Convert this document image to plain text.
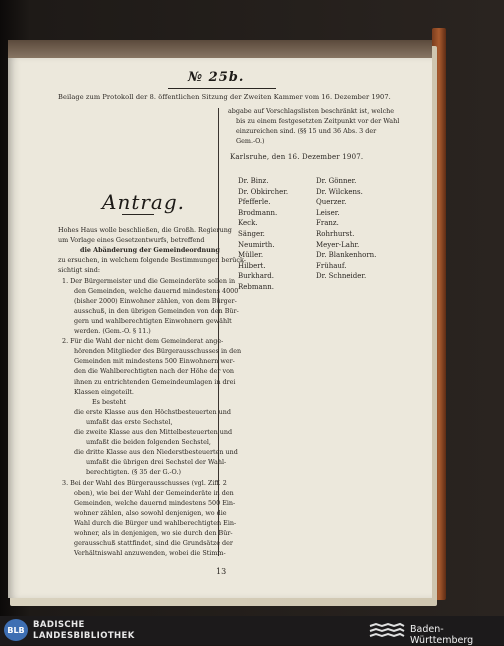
№ 25b.
Beilage zum Protokoll der 8. öffentlichen Sitzung der Zweiten Kammer vom 16. Dezember 1907.
Antrag.
Hohes Haus wolle beschließen, die Großh. Regierung
um Vorlage eines Gesetzentwurfs, betreffend
die Abänderung der Gemeindeordnung
zu ersuchen, in welchem folgende Bestimmungen berück-
sichtigt sind:
1. Der Bürgermeister und die Gemeinderäte sollen in
den Gemeinden, welche dauernd mindestens 4000
(bisher 2000) Einwohner zählen, von dem Bürger-
ausschuß, in den übrigen Gemeinden von den Bür-
gern und wahlberechtigten Einwohnern gewählt
werden. (Gem.-O. § 11.)
2. Für die Wahl der nicht dem Gemeinderat ange-
hörenden Mitglieder des Bürgerausschusses in den
Gemeinden mit mindestens 500 Einwohnern wer-
den die Wahlberechtigten nach der Höhe der von
ihnen zu entrichtenden Gemeindeumlagen in drei
Klassen eingeteilt.
Es besteht
die erste Klasse aus den Höchstbesteuerten und
umfaßt das erste Sechstel,
die zweite Klasse aus den Mittelbesteuerten und
umfaßt die beiden folgenden Sechstel,
die dritte Klasse aus den Niederstbesteuerten und
umfaßt die übrigen drei Sechstel der Wahl-
berechtigten. (§ 35 der G.-O.)
3. Bei der Wahl des Bürgerausschusses (vgl. Ziff. 2
oben), wie bei der Wahl der Gemeinderäte in den
Gemeinden, welche dauernd mindestens 500 Ein-
wohner zählen, also sowohl denjenigen, wo die
Wahl durch die Bürger und wahlberechtigten Ein-
wohner, als in denjenigen, wo sie durch den Bür-
gerausschuß stattfindet, sind die Grundsätze der
Verhältniswahl anzuwenden, wobei die Stimm-
abgabe auf Vorschlagslisten beschränkt ist, welche
bis zu einem festgesetzten Zeitpunkt vor der Wahl
einzureichen sind. (§§ 15 und 36 Abs. 3 der
Gem.-O.)
Karlsruhe, den 16. Dezember 1907.
Dr. Binz.
Dr. Obkircher.
Pfefferle.
Brodmann.
Keck.
Sänger.
Neumirth.
Müller.
Hilbert.
Burkhard.
Rebmann.
Dr. Gönner.
Dr. Wilckens.
Querzer.
Leiser.
Franz.
Rohrhurst.
Meyer-Lahr.
Dr. Blankenhorn.
Frühauf.
Dr. Schneider.
13
BLB BADISCHE
LANDESBIBLIOTHEK
Baden-Württemberg
